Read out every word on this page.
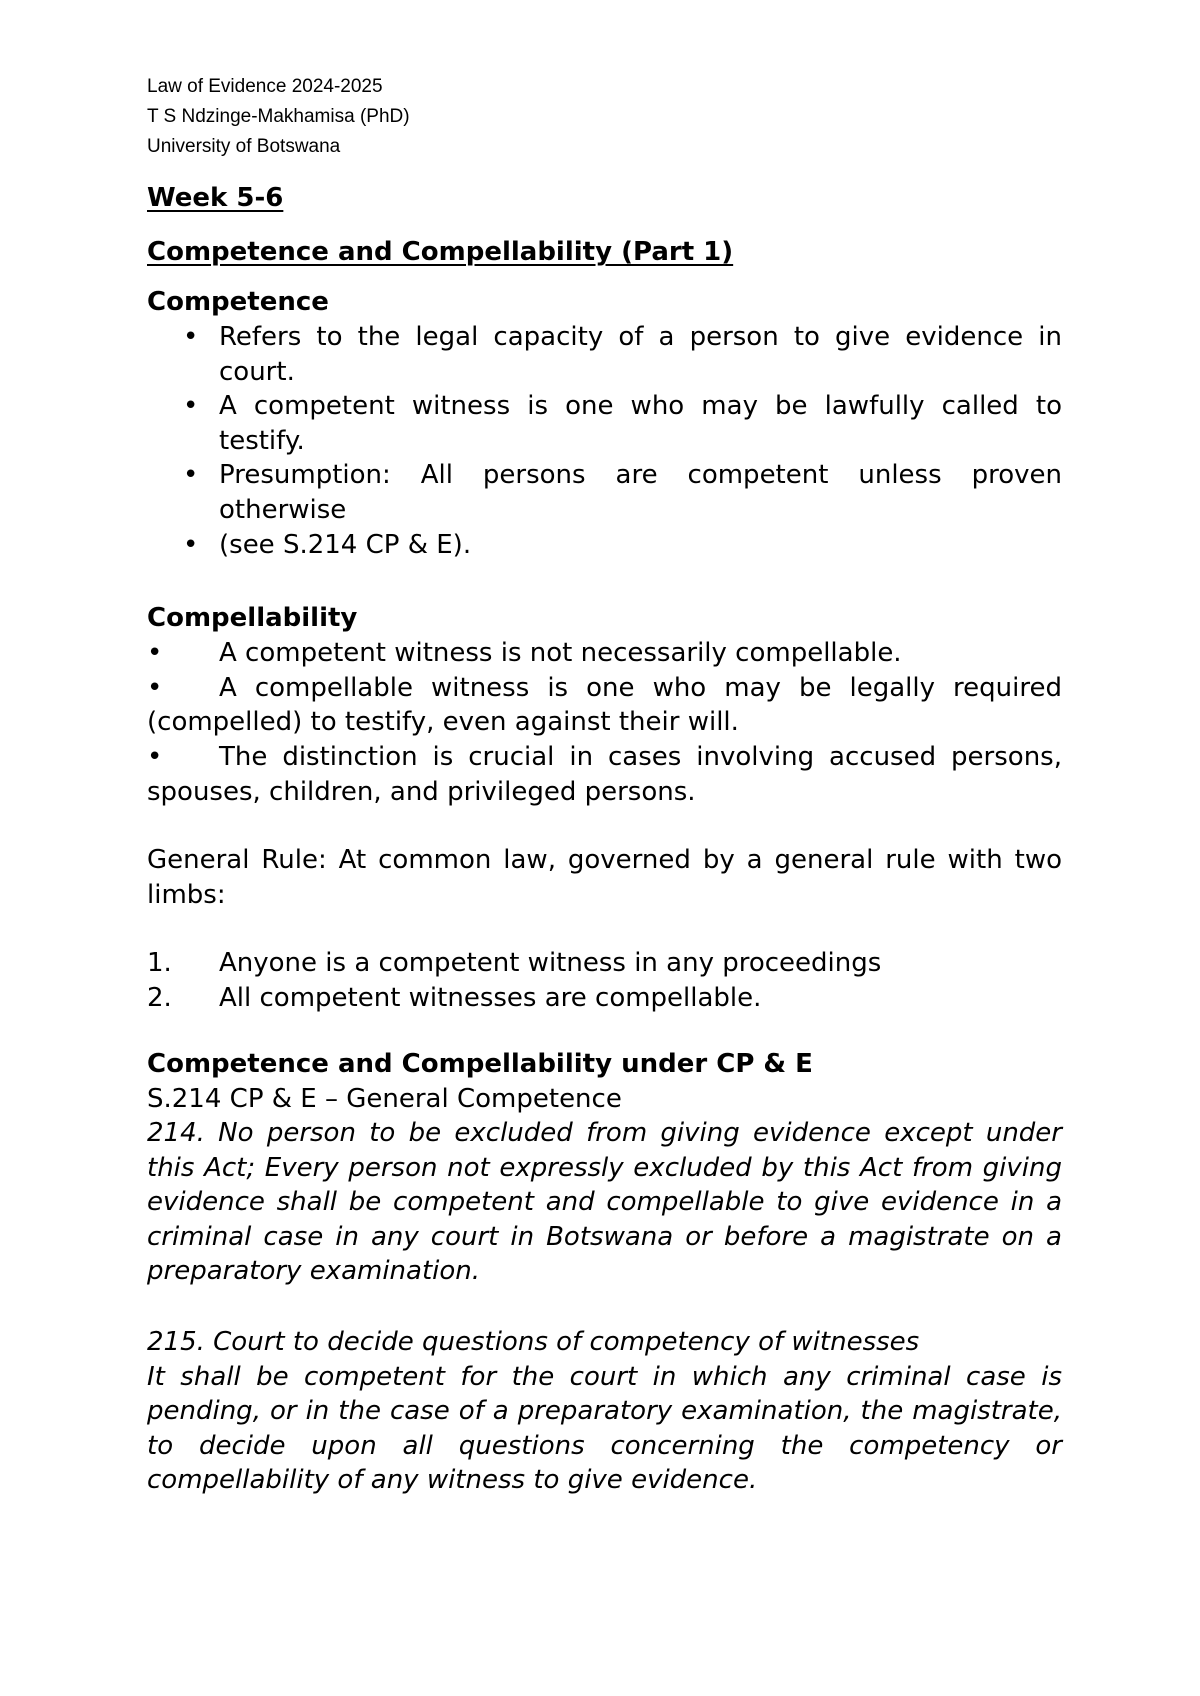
Law of Evidence 2024-2025

T S Ndzinge-Makhamisa (PhD)

University of Botswana

Week 5-6
Competence and Compellability (Part 1)
Competence
• Refers to the legal capacity of a person to give evidence in court.
• A competent witness is one who may be lawfully called to testify.
• Presumption: All persons are competent unless proven otherwise
• (see S.214 CP & E).
Compellability
• A competent witness is not necessarily compellable.
• A compellable witness is one who may be legally required (compelled) to testify, even against their will.
• The distinction is crucial in cases involving accused persons, spouses, children, and privileged persons.

General Rule: At common law, governed by a general rule with two limbs:

1. Anyone is a competent witness in any proceedings
2. All competent witnesses are compellable.
Competence and Compellability under CP & E

S.214 CP & E – General Competence

214. No person to be excluded from giving evidence except under this Act; Every person not expressly excluded by this Act from giving evidence shall be competent and compellable to give evidence in a criminal case in any court in Botswana or before a magistrate on a preparatory examination.

215. Court to decide questions of competency of witnesses

It shall be competent for the court in which any criminal case is pending, or in the case of a preparatory examination, the magistrate, to decide upon all questions concerning the competency or compellability of any witness to give evidence.
